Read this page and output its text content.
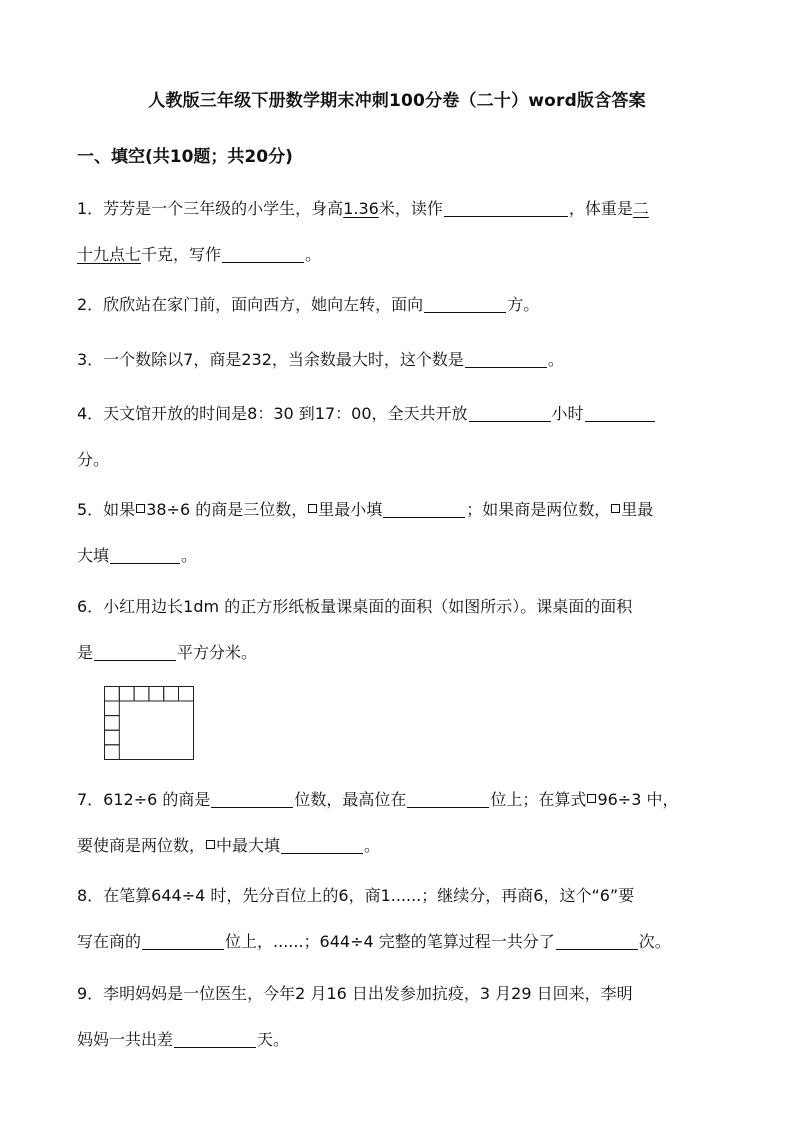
人教版三年级下册数学期末冲刺100分卷（二十）word版含答案
一、填空(共10题；共20分)
1．芳芳是一个三年级的小学生，身高1.36米，读作	，体重是二
十九点七千克，写作	。
2．欣欣站在家门前，面向西方，她向左转，面向	方。
3．一个数除以7，商是232，当余数最大时，这个数是	。
4．天文馆开放的时间是8：30 到17：00，全天共开放	小时
分。
5．如果 38÷6 的商是三位数， 里最小填	；如果商是两位数， 里最
大填	。
6．小红用边长1dm 的正方形纸板量课桌面的面积（如图所示）。课桌面的面积
是	平方分米。
7．612÷6 的商是	位数，最高位在	位上；在算式 96÷3 中，
要使商是两位数， 中最大填	。
8．在笔算644÷4 时，先分百位上的6，商1......；继续分，再商6，这个“6”要
写在商的	位上，......；644÷4 完整的笔算过程一共分了	次。
9．李明妈妈是一位医生，今年2 月16 日出发参加抗疫，3 月29 日回来，李明
妈妈一共出差	天。
